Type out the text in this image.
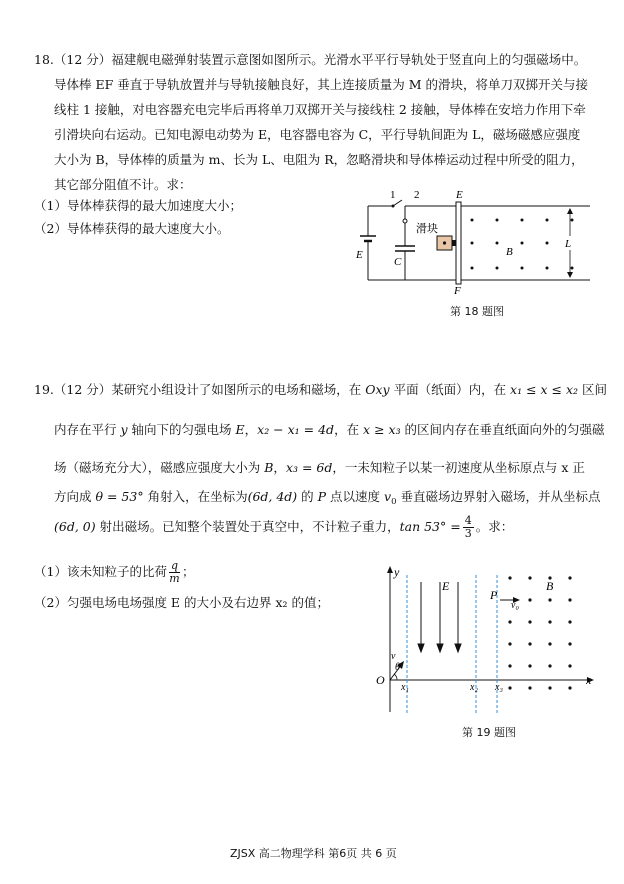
18.（12 分）福建舰电磁弹射装置示意图如图所示。光滑水平平行导轨处于竖直向上的匀强磁场中。
导体棒 EF 垂直于导轨放置并与导轨接触良好，其上连接质量为 M 的滑块，将单刀双掷开关与接
线柱 1 接触，对电容器充电完毕后再将单刀双掷开关与接线柱 2 接触，导体棒在安培力作用下牵
引滑块向右运动。已知电源电动势为 E，电容器电容为 C，平行导轨间距为 L，磁场磁感应强度
大小为 B，导体棒的质量为 m、长为 L、电阻为 R，忽略滑块和导体棒运动过程中所受的阻力，
其它部分阻值不计。求：
（1）导体棒获得的最大加速度大小；
（2）导体棒获得的最大速度大小。
1 2	E
F
滑块
B
L
E
C
第 18 题图
19.（12 分）某研究小组设计了如图所示的电场和磁场，在 Oxy 平面（纸面）内，在 x₁ ≤ x ≤ x₂ 区间
内存在平行 y 轴向下的匀强电场 E，x₂ − x₁ = 4d，在 x ≥ x₃ 的区间内存在垂直纸面向外的匀强磁
场（磁场充分大），磁感应强度大小为 B，x₃ = 6d，一未知粒子以某一初速度从坐标原点与 x 正
方向成 θ = 53° 角射入，在坐标为(6d, 4d) 的 P 点以速度 $v_0$ 垂直磁场边界射入磁场，并从坐标点
(6d, 0) 射出磁场。已知整个装置处于真空中，不计粒子重力，$\tan 53^\circ = \frac{4}{3}$ 。求：
（1）该未知粒子的比荷 $\frac{q}{m}$ ；
（2）匀强电场电场强度 E 的大小及右边界 x₂ 的值；
y
x
O
E
P
B
v₀
v
θ
x₁	x₂ x₃
第 19 题图
ZJSX 高二物理学科 第6页 共 6 页
